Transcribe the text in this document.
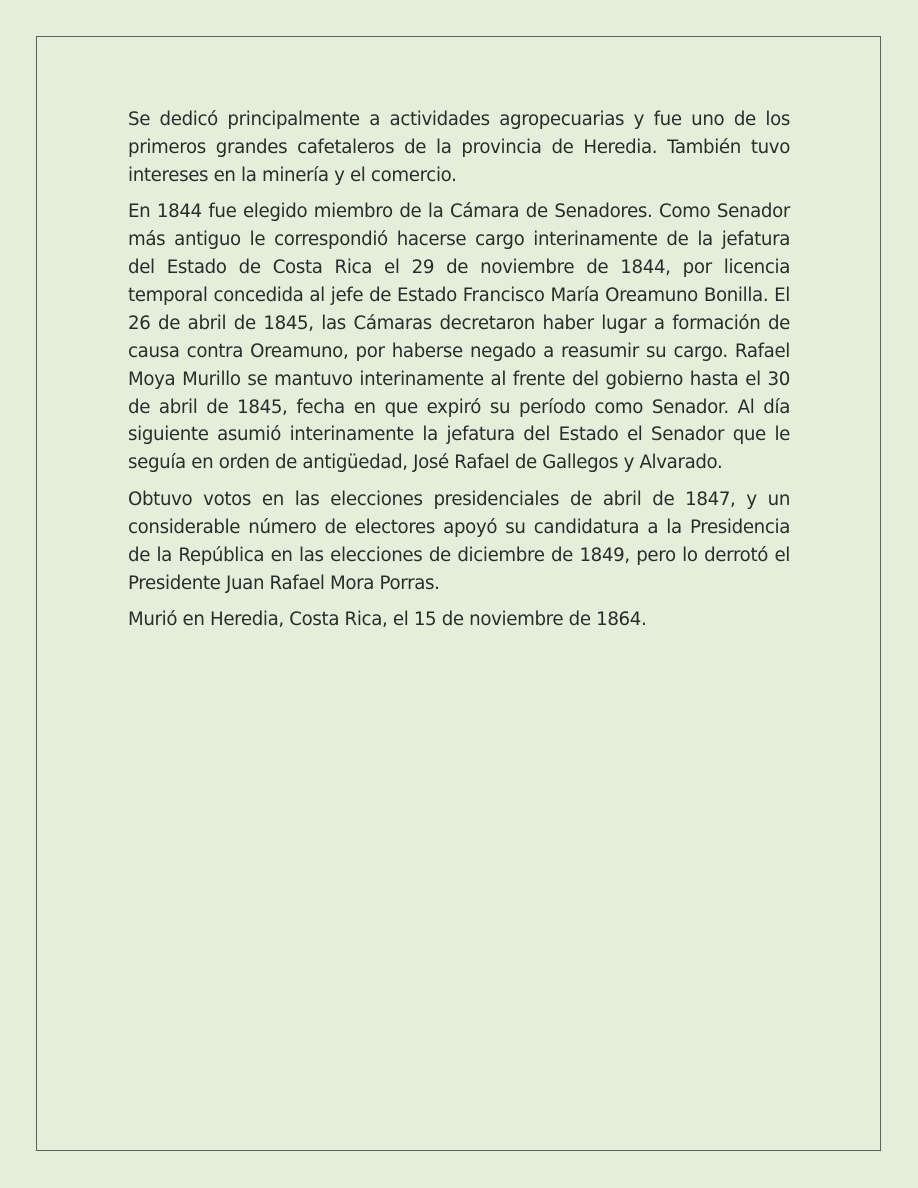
Se dedicó principalmente a actividades agropecuarias y fue uno de los primeros grandes cafetaleros de la provincia de Heredia. También tuvo intereses en la minería y el comercio.

En 1844 fue elegido miembro de la Cámara de Senadores. Como Senador más antiguo le correspondió hacerse cargo interinamente de la jefatura del Estado de Costa Rica el 29 de noviembre de 1844, por licencia temporal concedida al jefe de Estado Francisco María Oreamuno Bonilla. El 26 de abril de 1845, las Cámaras decretaron haber lugar a formación de causa contra Oreamuno, por haberse negado a reasumir su cargo. Rafael Moya Murillo se mantuvo interinamente al frente del gobierno hasta el 30 de abril de 1845, fecha en que expiró su período como Senador. Al día siguiente asumió interinamente la jefatura del Estado el Senador que le seguía en orden de antigüedad, José Rafael de Gallegos y Alvarado.

Obtuvo votos en las elecciones presidenciales de abril de 1847, y un considerable número de electores apoyó su candidatura a la Presidencia de la República en las elecciones de diciembre de 1849, pero lo derrotó el Presidente Juan Rafael Mora Porras.

Murió en Heredia, Costa Rica, el 15 de noviembre de 1864.
